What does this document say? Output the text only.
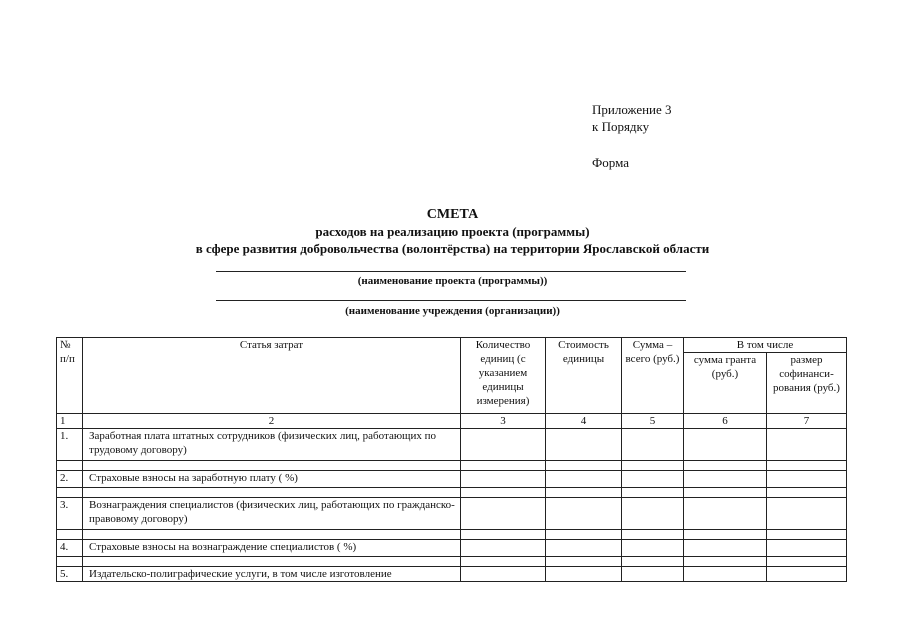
Приложение 3
к Порядку
Форма
СМЕТА
расходов на реализацию проекта (программы)
в сфере развития добровольчества (волонтёрства) на территории Ярославской области
(наименование проекта (программы))
(наименование учреждения (организации))
№ п/п	Статья затрат	Количество единиц (с указанием единицы измерения)	Стоимость единицы	Сумма – всего (руб.)	В том числе	
					сумма гранта (руб.)	размер софинанси-рования (руб.)
1	2	3	4	5	6	7
1.	Заработная плата штатных сотрудников (физических лиц, работающих по трудовому договору)					

2.	Страховые взносы на заработную плату ( %)					

3.	Вознаграждения специалистов (физических лиц, работающих по гражданско-правовому договору)					

4.	Страховые взносы на вознаграждение специалистов ( %)					

5.	Издательско-полиграфические услуги, в том числе изготовление					
